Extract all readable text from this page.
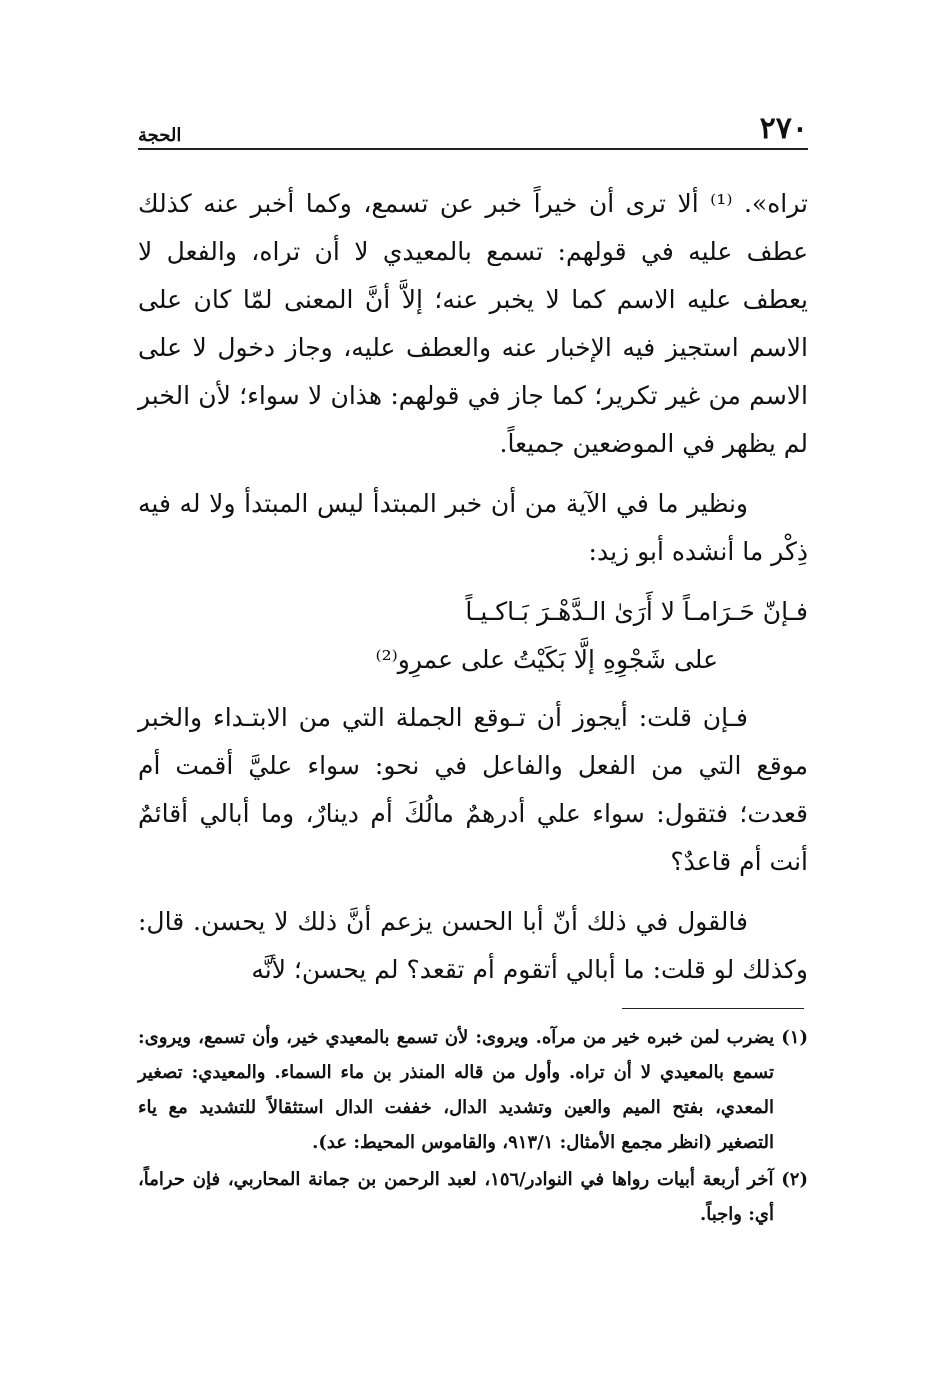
٢٧٠
الحجة

تراه». ⁽¹⁾ ألا ترى أن خيراً خبر عن تسمع، وكما أخبر عنه كذلك عطف عليه في قولهم: تسمع بالمعيدي لا أن تراه، والفعل لا يعطف عليه الاسم كما لا يخبر عنه؛ إلاَّ أنَّ المعنى لمّا كان على الاسم استجيز فيه الإخبار عنه والعطف عليه، وجاز دخول لا على الاسم من غير تكرير؛ كما جاز في قولهم: هذان لا سواء؛ لأن الخبر لم يظهر في الموضعين جميعاً.

ونظير ما في الآية من أن خبر المبتدأ ليس المبتدأ ولا له فيه ذِكْر ما أنشده أبو زيد:

فـإنّ حَـرَامـاً لا أَرَىٰ الـدَّهْـرَ بَـاكـيـاً
على شَجْوِهِ إلَّا بَكَيْتُ على عمرِو⁽²⁾

فـإن قلت: أيجوز أن تـوقع الجملة التي من الابتـداء والخبر موقع التي من الفعل والفاعل في نحو: سواء عليَّ أقمت أم قعدت؛ فتقول: سواء علي أدرهمٌ مالُكَ أم دينارٌ، وما أبالي أقائمٌ أنت أم قاعدٌ؟

فالقول في ذلك أنّ أبا الحسن يزعم أنَّ ذلك لا يحسن. قال: وكذلك لو قلت: ما أبالي أتقوم أم تقعد؟ لم يحسن؛ لأنَّه

(١) يضرب لمن خبره خير من مرآه. ويروى: لأن تسمع بالمعيدي خير، وأن تسمع، ويروى: تسمع بالمعيدي لا أن تراه. وأول من قاله المنذر بن ماء السماء. والمعيدي: تصغير المعدي، بفتح الميم والعين وتشديد الدال، خففت الدال استثقالاً للتشديد مع ياء التصغير (انظر مجمع الأمثال: ٩١٣/١، والقاموس المحيط: عد).

(٢) آخر أربعة أبيات رواها في النوادر/١٥٦، لعبد الرحمن بن جمانة المحاربي، فإن حراماً، أي: واجباً.
